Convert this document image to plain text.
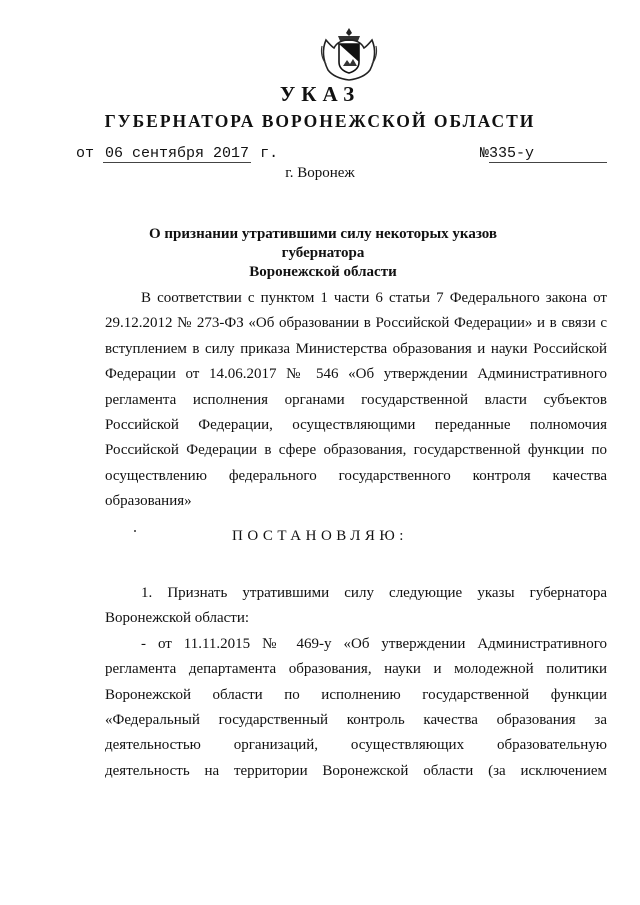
УКАЗ
ГУБЕРНАТОРА ВОРОНЕЖСКОЙ ОБЛАСТИ
от 06 сентября 2017 г.	№335-у
г. Воронеж
О признании утратившими силу некоторых указов губернатора
Воронежской области
В соответствии с пунктом 1 части 6 статьи 7 Федерального закона от
29.12.2012 № 273-ФЗ «Об образовании в Российской Федерации» и в связи с
вступлением в силу приказа Министерства образования и науки Российской
Федерации от 14.06.2017 № 546 «Об утверждении Административного
регламента исполнения органами государственной власти субъектов
Российской Федерации, осуществляющими переданные полномочия
Российской Федерации в сфере образования, государственной функции по
осуществлению федерального государственного контроля качества
образования»
ПОСТАНОВЛЯЮ:
1. Признать утратившими силу следующие указы губернатора
Воронежской области:
- от 11.11.2015 № 469-у «Об утверждении Административного
регламента департамента образования, науки и молодежной политики
Воронежской области по исполнению государственной функции
«Федеральный государственный контроль качества образования за
деятельностью организаций, осуществляющих образовательную
деятельность на территории Воронежской области (за исключением
